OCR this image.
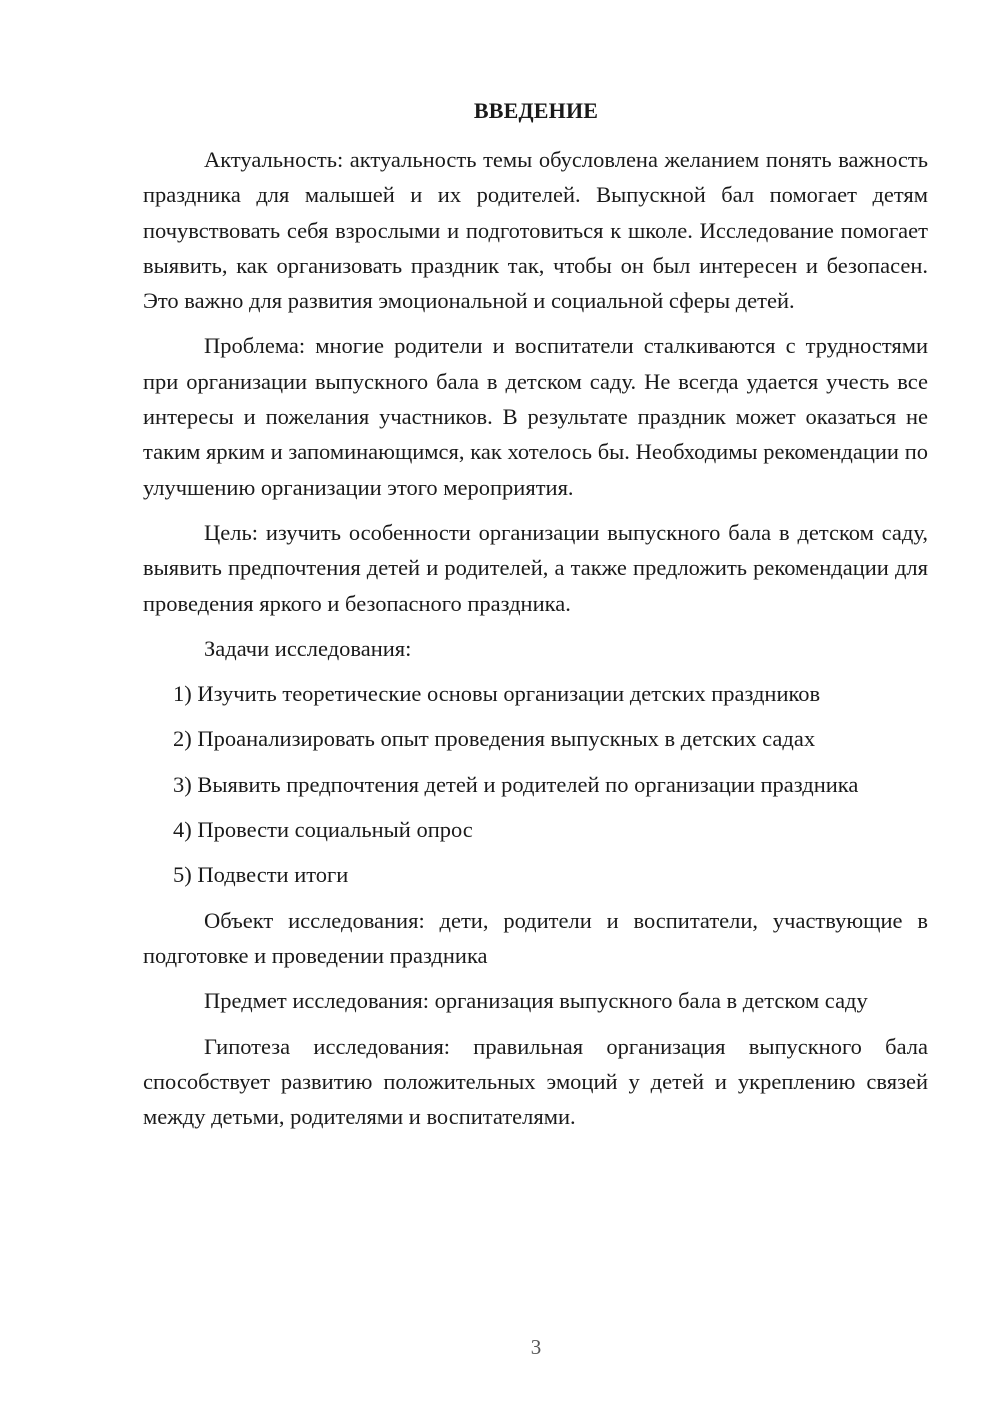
ВВЕДЕНИЕ

Актуальность: актуальность темы обусловлена желанием понять важность праздника для малышей и их родителей. Выпускной бал помогает детям почувствовать себя взрослыми и подготовиться к школе. Исследование помогает выявить, как организовать праздник так, чтобы он был интересен и безопасен. Это важно для развития эмоциональной и социальной сферы детей.

Проблема: многие родители и воспитатели сталкиваются с трудностями при организации выпускного бала в детском саду. Не всегда удается учесть все интересы и пожелания участников. В результате праздник может оказаться не таким ярким и запоминающимся, как хотелось бы. Необходимы рекомендации по улучшению организации этого мероприятия.

Цель: изучить особенности организации выпускного бала в детском саду, выявить предпочтения детей и родителей, а также предложить рекомендации для проведения яркого и безопасного праздника.

Задачи исследования:

1) Изучить теоретические основы организации детских праздников

2) Проанализировать опыт проведения выпускных в детских садах

3) Выявить предпочтения детей и родителей по организации праздника

4) Провести социальный опрос

5) Подвести итоги

Объект исследования: дети, родители и воспитатели, участвующие в подготовке и проведении праздника

Предмет исследования: организация выпускного бала в детском саду

Гипотеза исследования: правильная организация выпускного бала способствует развитию положительных эмоций у детей и укреплению связей между детьми, родителями и воспитателями.

3
